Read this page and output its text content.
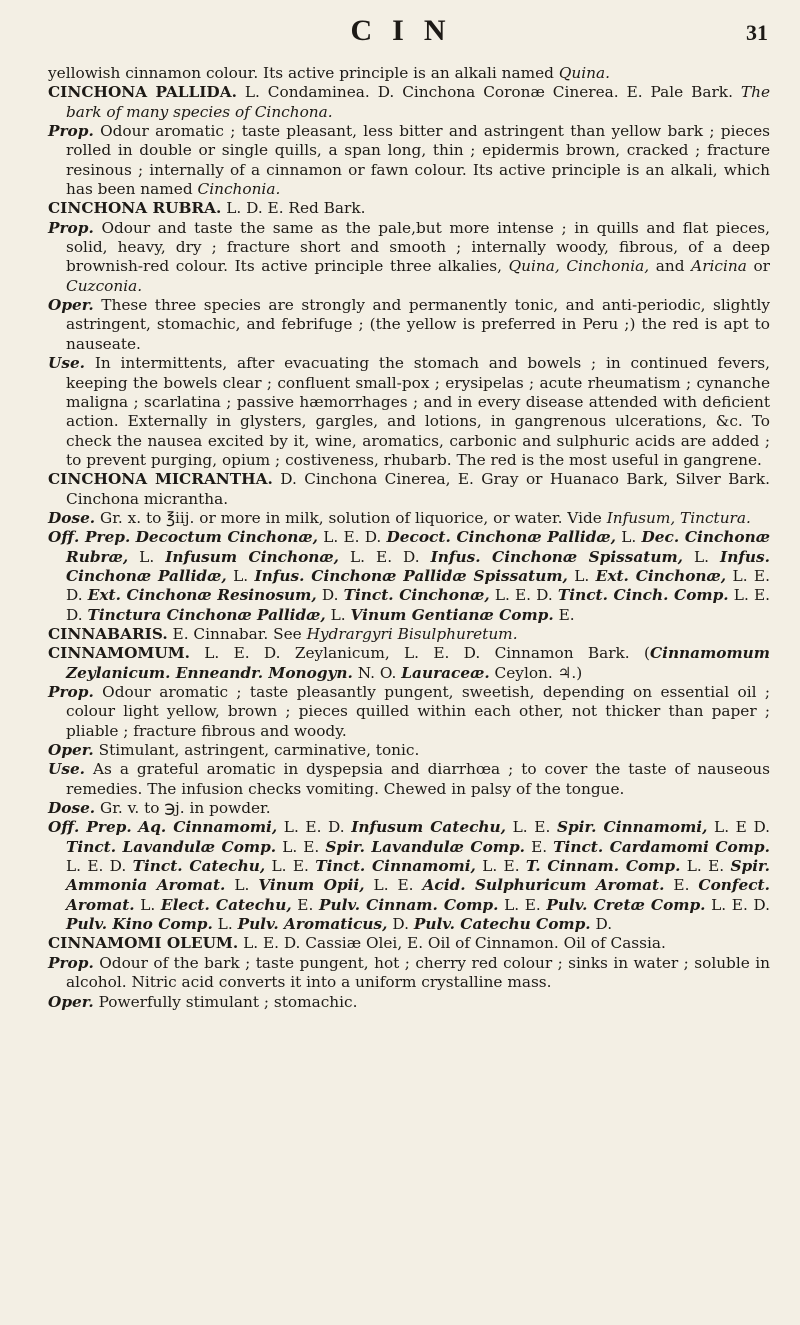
CIN	31

yellowish cinnamon colour. Its active principle is an alkali named Quina.

CINCHONA PALLIDA. L. Condaminea. D. Cinchona Coronæ Cinerea. E. Pale Bark. The bark of many species of Cinchona.

Prop. Odour aromatic ; taste pleasant, less bitter and astringent than yellow bark ; pieces rolled in double or single quills, a span long, thin ; epidermis brown, cracked ; fracture resinous ; internally of a cinnamon or fawn colour. Its active principle is an alkali, which has been named Cinchonia.

CINCHONA RUBRA. L. D. E. Red Bark.

Prop. Odour and taste the same as the pale,but more intense ; in quills and flat pieces, solid, heavy, dry ; fracture short and smooth ; internally woody, fibrous, of a deep brownish-red colour. Its active principle three alkalies, Quina, Cinchonia, and Aricina or Cuzconia.

Oper. These three species are strongly and permanently tonic, and anti-periodic, slightly astringent, stomachic, and febrifuge ; (the yellow is preferred in Peru ;) the red is apt to nauseate.

Use. In intermittents, after evacuating the stomach and bowels ; in continued fevers, keeping the bowels clear ; confluent small-pox ; erysipelas ; acute rheumatism ; cynanche maligna ; scarlatina ; passive hæmorrhages ; and in every disease attended with deficient action. Externally in glysters, gargles, and lotions, in gangrenous ulcerations, &c. To check the nausea excited by it, wine, aromatics, carbonic and sulphuric acids are added ; to prevent purging, opium ; costiveness, rhubarb. The red is the most useful in gangrene.

CINCHONA MICRANTHA. D. Cinchona Cinerea, E. Gray or Huanaco Bark, Silver Bark. Cinchona micrantha.

Dose. Gr. x. to ℥iij. or more in milk, solution of liquorice, or water. Vide Infusum, Tinctura.

Off. Prep. Decoctum Cinchonæ, L. E. D. Decoct. Cinchonæ Pallidæ, L. Dec. Cinchonæ Rubræ, L. Infusum Cinchonæ, L. E. D. Infus. Cinchonæ Spissatum, L. Infus. Cinchonæ Pallidæ, L. Infus. Cinchonæ Pallidæ Spissatum, L. Ext. Cinchonæ, L. E. D. Ext. Cinchonæ Resinosum, D. Tinct. Cinchonæ, L. E. D. Tinct. Cinch. Comp. L. E. D. Tinctura Cinchonæ Pallidæ, L. Vinum Gentianæ Comp. E.

CINNABARIS. E. Cinnabar. See Hydrargyri Bisulphuretum.

CINNAMOMUM. L. E. D. Zeylanicum, L. E. D. Cinnamon Bark. (Cinnamomum Zeylanicum. Enneandr. Monogyn. N. O. Lauraceæ. Ceylon. ♃.)

Prop. Odour aromatic ; taste pleasantly pungent, sweetish, depending on essential oil ; colour light yellow, brown ; pieces quilled within each other, not thicker than paper ; pliable ; fracture fibrous and woody.

Oper. Stimulant, astringent, carminative, tonic.

Use. As a grateful aromatic in dyspepsia and diarrhœa ; to cover the taste of nauseous remedies. The infusion checks vomiting. Chewed in palsy of the tongue.

Dose. Gr. v. to ℈j. in powder.

Off. Prep. Aq. Cinnamomi, L. E. D. Infusum Catechu, L. E. Spir. Cinnamomi, L. E D. Tinct. Lavandulæ Comp. L. E. Spir. Lavandulæ Comp. E. Tinct. Cardamomi Comp. L. E. D. Tinct. Catechu, L. E. Tinct. Cinnamomi, L. E. T. Cinnam. Comp. L. E. Spir. Ammonia Aromat. L. Vinum Opii, L. E. Acid. Sulphuricum Aromat. E. Confect. Aromat. L. Elect. Catechu, E. Pulv. Cinnam. Comp. L. E. Pulv. Cretæ Comp. L. E. D. Pulv. Kino Comp. L. Pulv. Aromaticus, D. Pulv. Catechu Comp. D.

CINNAMOMI OLEUM. L. E. D. Cassiæ Olei, E. Oil of Cinnamon. Oil of Cassia.

Prop. Odour of the bark ; taste pungent, hot ; cherry red colour ; sinks in water ; soluble in alcohol. Nitric acid converts it into a uniform crystalline mass.

Oper. Powerfully stimulant ; stomachic.
